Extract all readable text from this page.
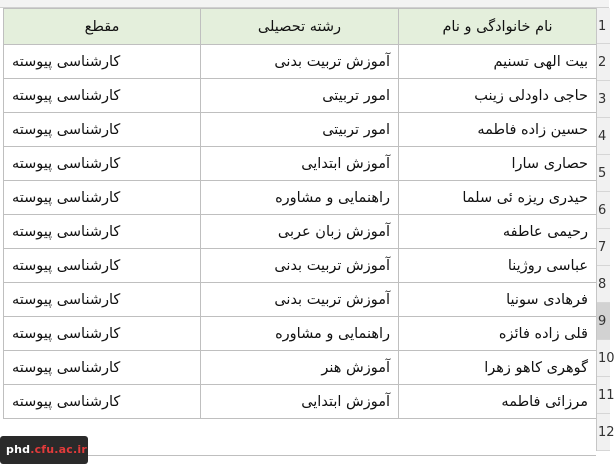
مقطع	رشته تحصیلی	نام خانوادگی و نام
کارشناسی پیوسته	آموزش تربیت بدنی	بیت الهی تسنیم
کارشناسی پیوسته	امور تربیتی	حاجی داودلی زینب
کارشناسی پیوسته	امور تربیتی	حسین زاده فاطمه
کارشناسی پیوسته	آموزش ابتدایی	حصاری سارا
کارشناسی پیوسته	راهنمایی و مشاوره	حیدری ریزه ئی سلما
کارشناسی پیوسته	آموزش زبان عربی	رحیمی عاطفه
کارشناسی پیوسته	آموزش تربیت بدنی	عباسی روژینا
کارشناسی پیوسته	آموزش تربیت بدنی	فرهادی سونیا
کارشناسی پیوسته	راهنمایی و مشاوره	قلی زاده فائزه
کارشناسی پیوسته	آموزش هنر	گوهری کاهو زهرا
کارشناسی پیوسته	آموزش ابتدایی	مرزائی فاطمه
1
2
3
4
5
6
7
8
9
10
11
12
phd.cfu.ac.ir
